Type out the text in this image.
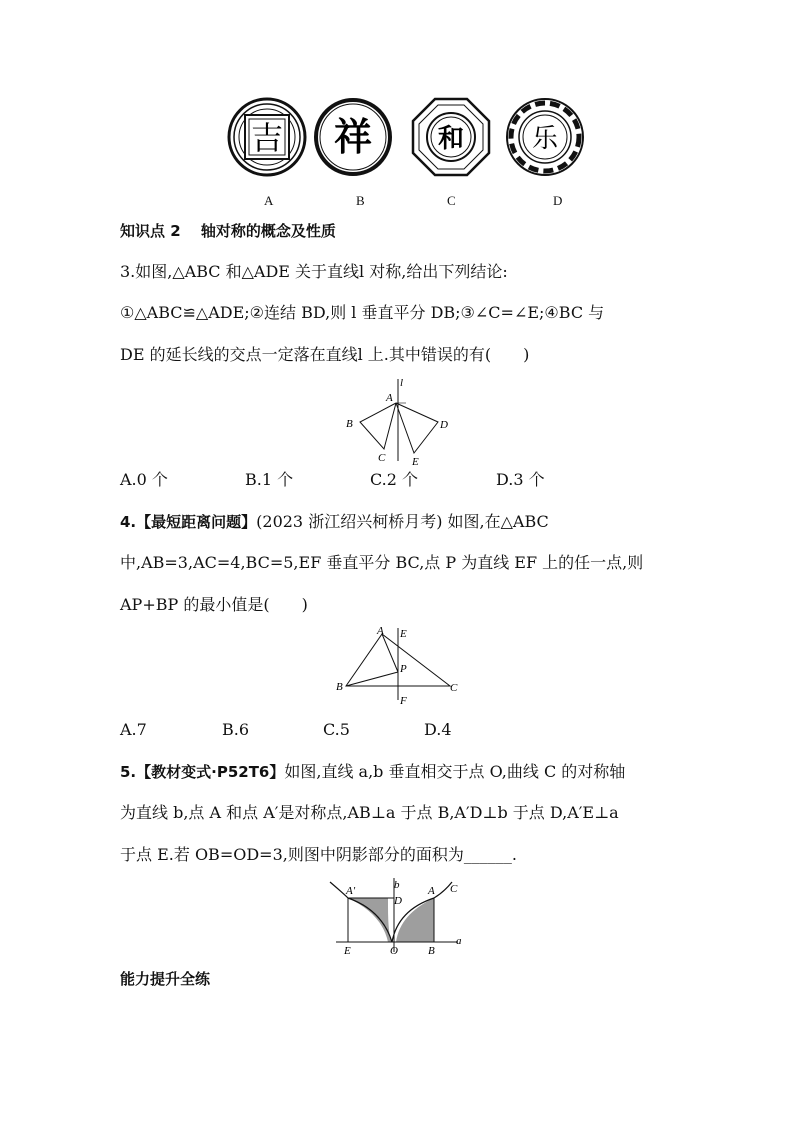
吉 祥	和	乐
A	B	C	D
知识点 2　 轴对称的概念及性质
3.如图,△ABC 和△ADE 关于直线l 对称,给出下列结论:
①△ABC≌△ADE;②连结 BD,则 l 垂直平分 DB;③∠C=∠E;④BC 与
DE 的延长线的交点一定落在直线l 上.其中错误的有(　　)
l
A
B
C
D
E
A.0 个	B.1 个	C.2 个	D.3 个
4.【最短距离问题】(2023 浙江绍兴柯桥月考) 如图,在△ABC
中,AB=3,AC=4,BC=5,EF 垂直平分 BC,点 P 为直线 EF 上的任一点,则
AP+BP 的最小值是(　　)
A E
P
B	C
F
A.7	B.6	C.5	D.4
5.【教材变式·P52T6】如图,直线 a,b 垂直相交于点 O,曲线 C 的对称轴
为直线 b,点 A 和点 A′是对称点,AB⊥a 于点 B,A′D⊥b 于点 D,A′E⊥a
于点 E.若 OB=OD=3,则图中阴影部分的面积为______.
A′	b
D
A C
E	O	B
a
能力提升全练
